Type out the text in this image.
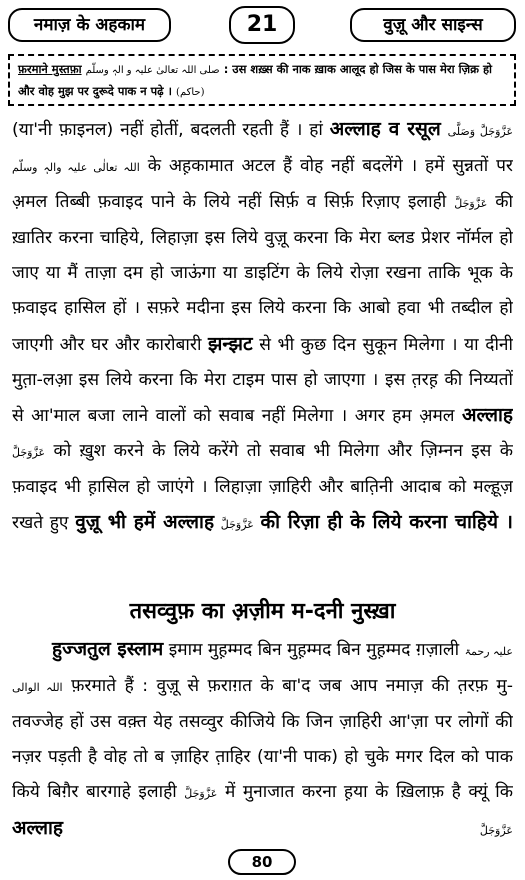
नमाज़ के अहकाम	21	वुज़ू और साइन्स
फ़रमाने मुस्तफ़ा صلی اللہ تعالیٰ علیہ و الہٖ وسلّم : उस शख़्स की नाक ख़ाक आलूद हो जिस के पास मेरा ज़िक्र हो और वोह मुझ पर दुरूदे पाक न पढ़े । (حاکم)

(या'नी फ़ाइनल) नहीं होतीं, बदलती रहती हैं । हां अल्लाह व रसूल عَزَّوَجَلَّ وَصَلَّی اللہ تعالٰی علیہ والہٖ وسلّم के अह़कामात अटल हैं वोह नहीं बदलेंगे । हमें सुन्नतों पर अ़मल तिब्बी फ़वाइद पाने के लिये नहीं सिर्फ़ व सिर्फ़ रिज़ाए इलाही عَزَّوَجَلَّ की ख़ातिर करना चाहिये, लिहाज़ा इस लिये वुज़ू करना कि मेरा ब्लड प्रेशर नॉर्मल हो जाए या मैं ताज़ा दम हो जाऊंगा या डाइटिंग के लिये रोज़ा रखना ताकि भूक के फ़वाइद हासिल हों । सफ़रे मदीना इस लिये करना कि आबो हवा भी तब्दील हो जाएगी और घर और कारोबारी झन्झट से भी कुछ दिन सुकून मिलेगा । या दीनी मुत़ा-लआ़ इस लिये करना कि मेरा टाइम पास हो जाएगा । इस त़रह़ की निय्यतों से आ'माल बजा लाने वालों को सवाब नहीं मिलेगा । अगर हम अ़मल अल्लाह عَزَّوَجَلَّ को ख़ुश करने के लिये करेंगे तो सवाब भी मिलेगा और ज़िम्नन इस के फ़वाइद भी ह़ासिल हो जाएंगे । लिहाज़ा ज़ाहिरी और बात़िनी आदाब को मल्ह़ूज़ रखते हुए वुज़ू भी हमें अल्लाह عَزَّوَجَلَّ की रिज़ा ही के लिये करना चाहिये ।

तसव्वुफ़ का अ़ज़ीम म-दनी नुस्ख़ा

हुज्जतुल इस्लाम इमाम मुह़म्मद बिन मुह़म्मद बिन मुह़म्मद ग़ज़ाली علیہ رحمۃ اللہ الوالی फ़रमाते हैं : वुज़ू से फ़राग़त के बा'द जब आप नमाज़ की त़रफ़ मु-तवज्जेह हों उस वक़्त येह तसव्वुर कीजिये कि जिन ज़ाहिरी आ'ज़ा पर लोगों की नज़र पड़ती है वोह तो ब ज़ाहिर त़ाहिर (या'नी पाक) हो चुके मगर दिल को पाक किये बिग़ैर बारगाहे इलाही عَزَّوَجَلَّ में मुनाजात करना ह़या के ख़िलाफ़ है क्यूं कि अल्लाह	عَزَّوَجَلَّ

80
